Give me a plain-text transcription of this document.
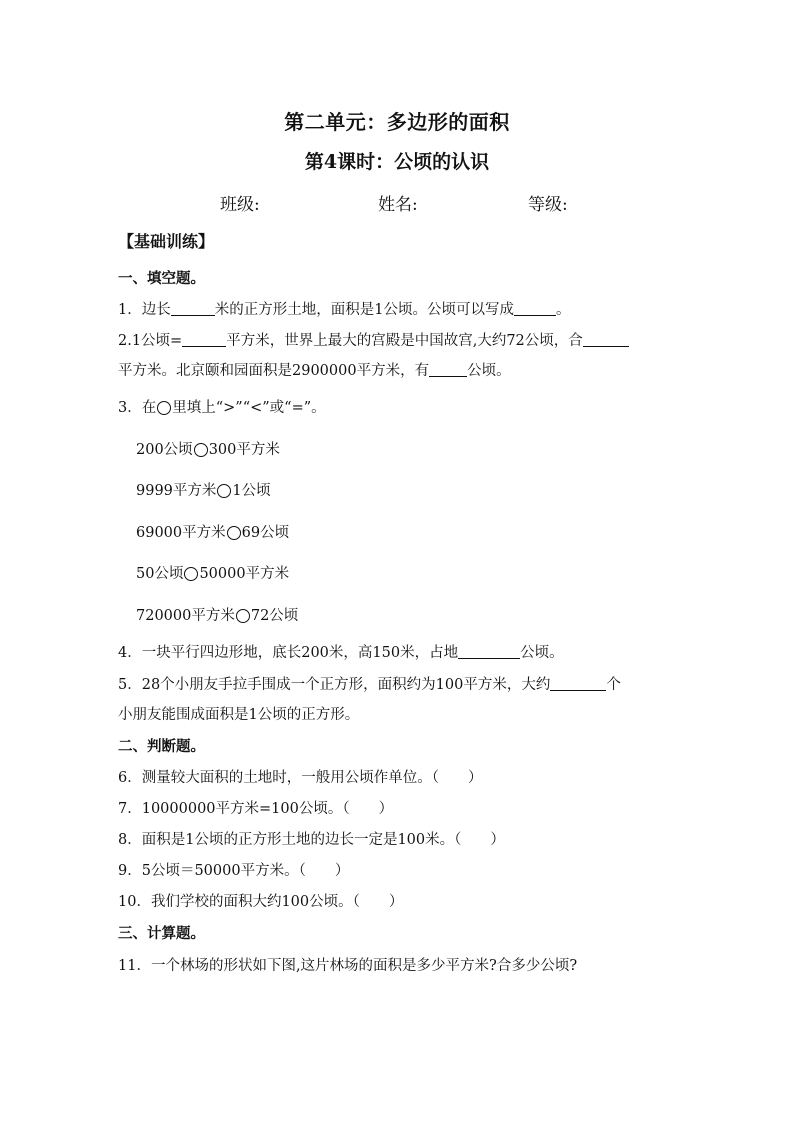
第二单元：多边形的面积
第4课时：公顷的认识
班级:	姓名:	等级:
【基础训练】
一、填空题。
1．边长	米的正方形土地，面积是1公顷。公顷可以写成	。
2.1公顷=	平方米，世界上最大的宫殿是中国故宫,大约72公顷，合
平方米。北京颐和园面积是2900000平方米，有	公顷。
3．在 里填上“>”“<”或“=”。
200公顷 300平方米
9999平方米 1公顷
69000平方米 69公顷
50公顷 50000平方米
720000平方米 72公顷
4．一块平行四边形地，底长200米，高150米，占地	公顷。
5．28个小朋友手拉手围成一个正方形，面积约为100平方米，大约	个
小朋友能围成面积是1公顷的正方形。
二、判断题。
6．测量较大面积的土地时，一般用公顷作单位。（　　）
7．10000000平方米=100公顷。（　　）
8．面积是1公顷的正方形土地的边长一定是100米。（　　）
9．5公顷＝50000平方米。（　　）
10．我们学校的面积大约100公顷。（　　）
三、计算题。
11．一个林场的形状如下图,这片林场的面积是多少平方米?合多少公顷?
